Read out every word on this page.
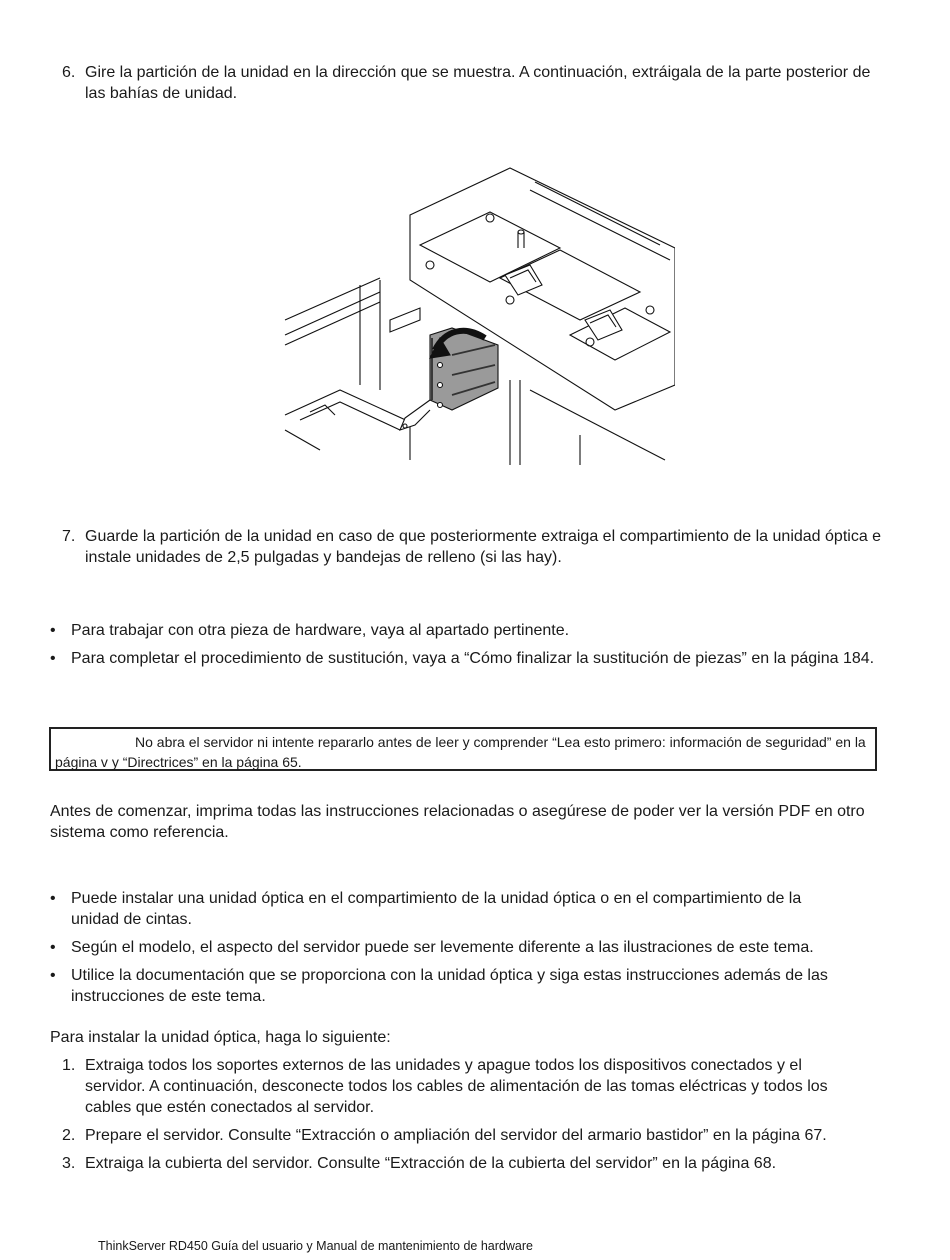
6. Gire la partición de la unidad en la dirección que se muestra. A continuación, extráigala de la parte posterior de las bahías de unidad.
7. Guarde la partición de la unidad en caso de que posteriormente extraiga el compartimiento de la unidad óptica e instale unidades de 2,5 pulgadas y bandejas de relleno (si las hay).
• Para trabajar con otra pieza de hardware, vaya al apartado pertinente.
• Para completar el procedimiento de sustitución, vaya a “Cómo finalizar la sustitución de piezas” en la página 184.
No abra el servidor ni intente repararlo antes de leer y comprender “Lea esto primero: información de seguridad” en la página v y “Directrices” en la página 65.
Antes de comenzar, imprima todas las instrucciones relacionadas o asegúrese de poder ver la versión PDF en otro sistema como referencia.
• Puede instalar una unidad óptica en el compartimiento de la unidad óptica o en el compartimiento de la unidad de cintas.
• Según el modelo, el aspecto del servidor puede ser levemente diferente a las ilustraciones de este tema.
• Utilice la documentación que se proporciona con la unidad óptica y siga estas instrucciones además de las instrucciones de este tema.
Para instalar la unidad óptica, haga lo siguiente:
1. Extraiga todos los soportes externos de las unidades y apague todos los dispositivos conectados y el servidor. A continuación, desconecte todos los cables de alimentación de las tomas eléctricas y todos los cables que estén conectados al servidor.
2. Prepare el servidor. Consulte “Extracción o ampliación del servidor del armario bastidor” en la página 67.
3. Extraiga la cubierta del servidor. Consulte “Extracción de la cubierta del servidor” en la página 68.
ThinkServer RD450 Guía del usuario y Manual de mantenimiento de hardware
